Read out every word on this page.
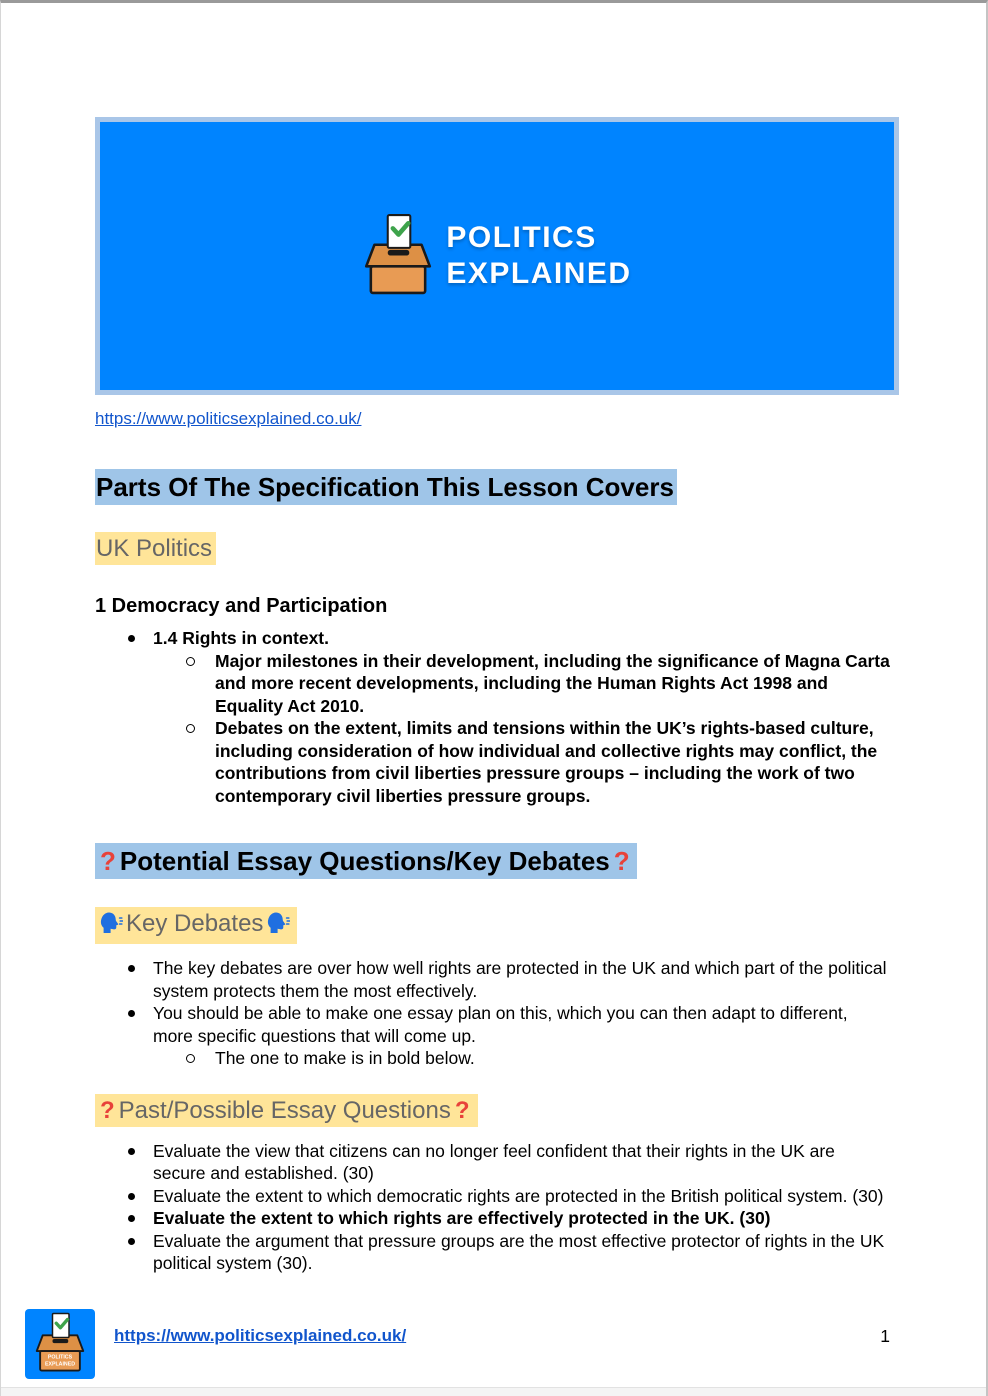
POLITICS
EXPLAINED
https://www.politicsexplained.co.uk/
Parts Of The Specification This Lesson Covers
UK Politics
1 Democracy and Participation
1.4 Rights in context.
Major milestones in their development, including the significance of Magna Carta and more recent developments, including the Human Rights Act 1998 and Equality Act 2010.
Debates on the extent, limits and tensions within the UK’s rights-based culture, including consideration of how individual and collective rights may conflict, the contributions from civil liberties pressure groups – including the work of two contemporary civil liberties pressure groups.
? Potential Essay Questions/Key Debates ?
Key Debates
The key debates are over how well rights are protected in the UK and which part of the political system protects them the most effectively.
You should be able to make one essay plan on this, which you can then adapt to different, more specific questions that will come up.
The one to make is in bold below.
? Past/Possible Essay Questions ?
Evaluate the view that citizens can no longer feel confident that their rights in the UK are secure and established. (30)
Evaluate the extent to which democratic rights are protected in the British political system. (30)
Evaluate the extent to which rights are effectively protected in the UK. (30)
Evaluate the argument that pressure groups are the most effective protector of rights in the UK political system (30).
POLITICS
EXPLAINED
https://www.politicsexplained.co.uk/	1
